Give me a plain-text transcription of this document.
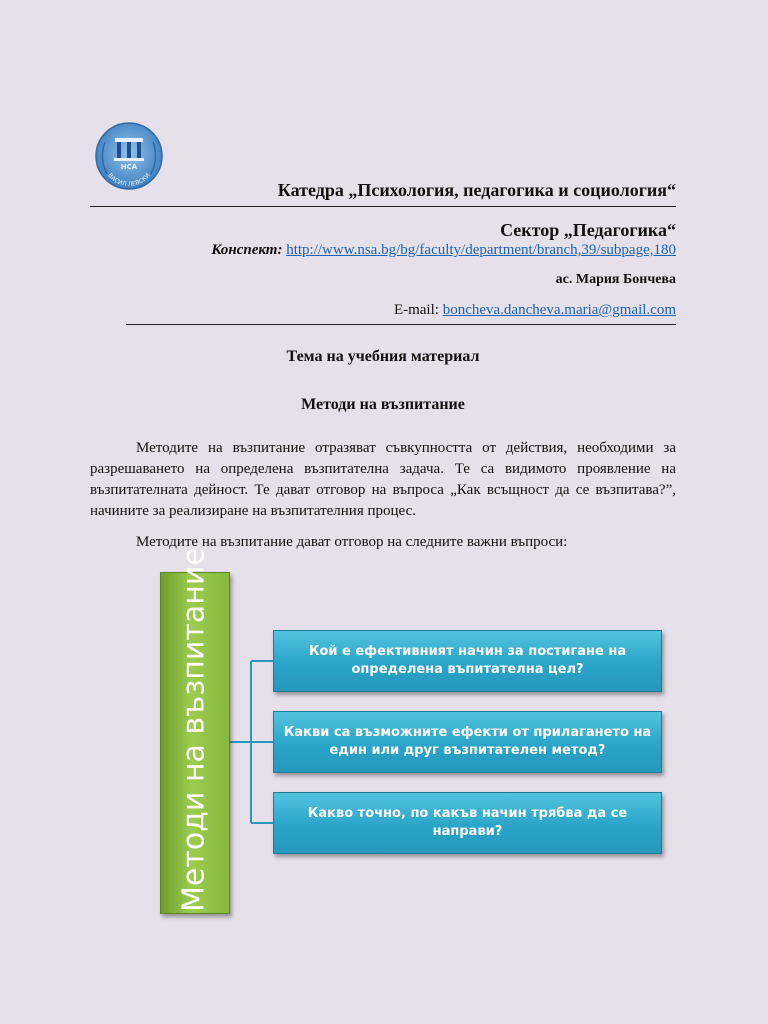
НСА
ВАСИЛ ЛЕВСКИ
Катедра „Психология, педагогика и социология“
Сектор „Педагогика“
Конспект: http://www.nsa.bg/bg/faculty/department/branch,39/subpage,180
ас. Мария Бончева
E-mail: boncheva.dancheva.maria@gmail.com
Тема на учебния материал
Методи на възпитание

Методите на възпитание отразяват съвкупността от действия, необходими за разрешаването на определена възпитателна задача. Те са видимото проявление на възпитателната дейност. Те дават отговор на въпроса „Как всъщност да се възпитава?”, начините за реализиране на възпитателния процес.

Методите на възпитание дават отговор на следните важни въпроси:

Методи на възпитание	Кой е ефективният начин за постигане на определена въпитателна цел?
Какви са възможните ефекти от прилагането на един или друг възпитателен метод?
Какво точно, по какъв начин трябва да се направи?
